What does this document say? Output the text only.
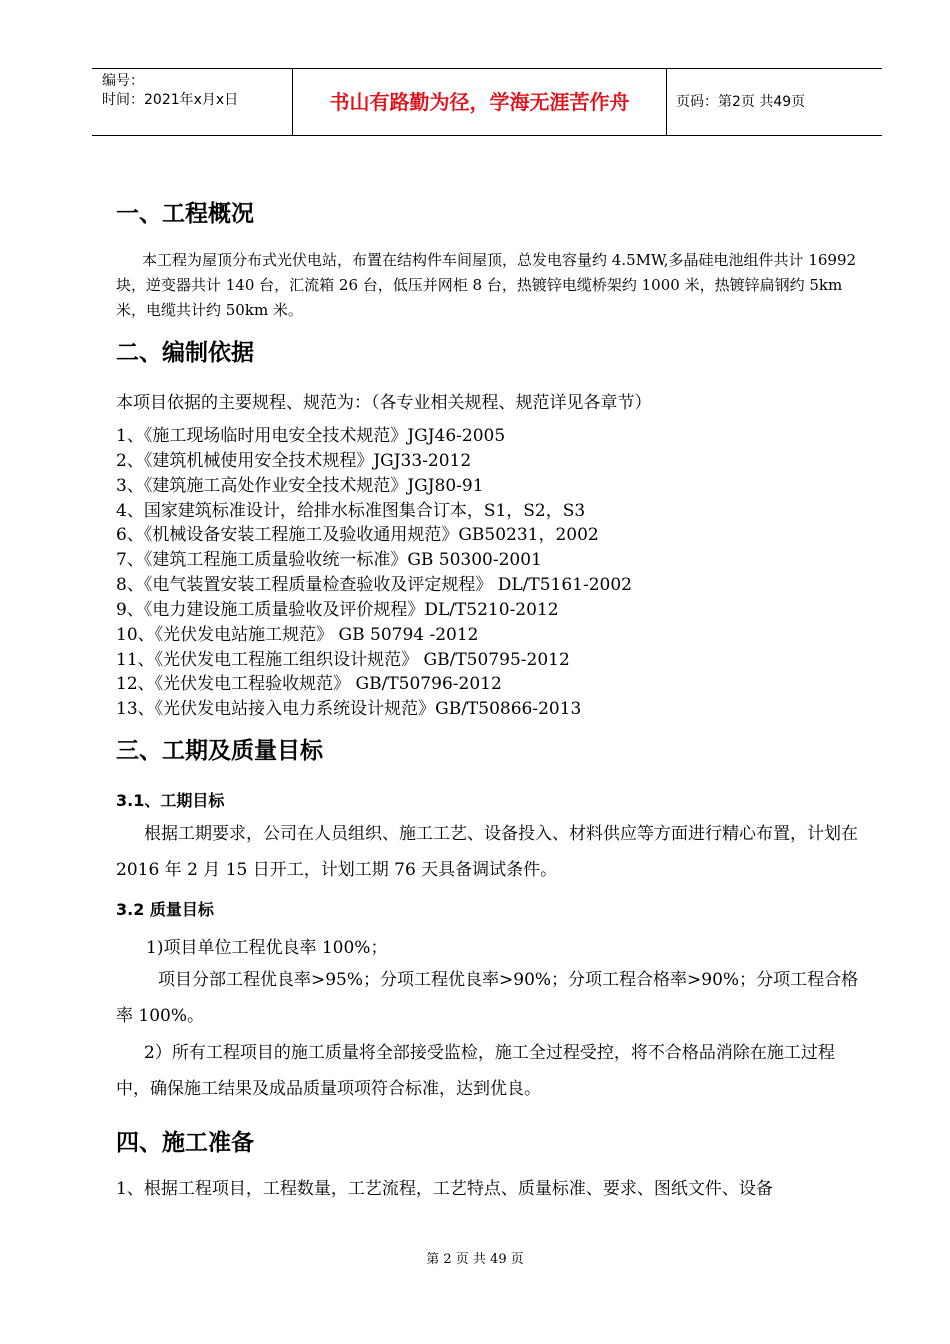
编号：
时间：2021年x月x日	书山有路勤为径，学海无涯苦作舟	页码：第2页 共49页
一、工程概况

本工程为屋顶分布式光伏电站，布置在结构件车间屋顶，总发电容量约 4.5MW,多晶硅电池组件共计 16992 块，逆变器共计 140 台，汇流箱 26 台，低压并网柜 8 台，热镀锌电缆桥架约 1000 米，热镀锌扁钢约 5km 米，电缆共计约 50km 米。

二、编制依据
本项目依据的主要规程、规范为：（各专业相关规程、规范详见各章节）
1、《施工现场临时用电安全技术规范》JGJ46-2005
2、《建筑机械使用安全技术规程》JGJ33-2012
3、《建筑施工高处作业安全技术规范》JGJ80-91
4、国家建筑标准设计，给排水标准图集合订本，S1，S2，S3
6、《机械设备安装工程施工及验收通用规范》GB50231，2002
7、《建筑工程施工质量验收统一标准》GB 50300-2001
8、《电气装置安装工程质量检查验收及评定规程》 DL/T5161-2002
9、《电力建设施工质量验收及评价规程》DL/T5210-2012
10、《光伏发电站施工规范》 GB 50794 -2012
11、《光伏发电工程施工组织设计规范》 GB/T50795-2012
12、《光伏发电工程验收规范》 GB/T50796-2012
13、《光伏发电站接入电力系统设计规范》GB/T50866-2013
三、工期及质量目标
3.1、工期目标

根据工期要求，公司在人员组织、施工工艺、设备投入、材料供应等方面进行精心布置，计划在 2016 年 2 月 15 日开工，计划工期 76 天具备调试条件。

3.2 质量目标
1)项目单位工程优良率 100%；

项目分部工程优良率>95%；分项工程优良率>90%；分项工程合格率>90%；分项工程合格率 100%。

2）所有工程项目的施工质量将全部接受监检，施工全过程受控，将不合格品消除在施工过程中，确保施工结果及成品质量项项符合标准，达到优良。

四、施工准备

1、根据工程项目，工程数量，工艺流程，工艺特点、质量标准、要求、图纸文件、设备

第 2 页 共 49 页
